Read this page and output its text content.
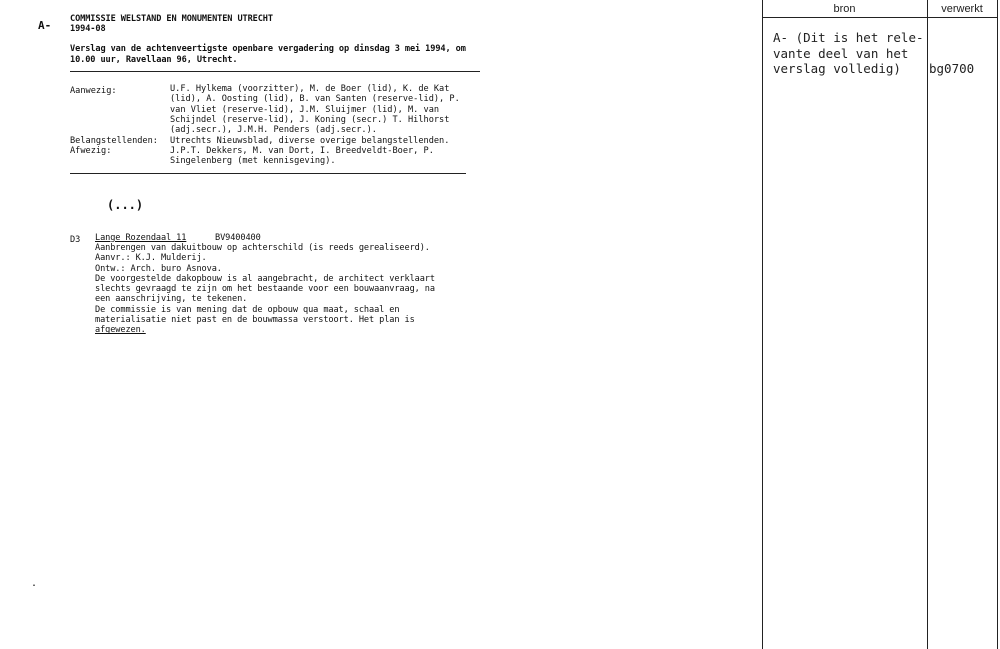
A- COMMISSIE WELSTAND EN MONUMENTEN UTRECHT
1994-08
Verslag van de achtenveertigste openbare vergadering op dinsdag 3 mei 1994, om
10.00 uur, Ravellaan 96, Utrecht.
Aanwezig:	U.F. Hylkema (voorzitter), M. de Boer (lid), K. de Kat
(lid), A. Oosting (lid), B. van Santen (reserve-lid), P.
van Vliet (reserve-lid), J.M. Sluijmer (lid), M. van
Schijndel (reserve-lid), J. Koning (secr.) T. Hilhorst
(adj.secr.), J.M.H. Penders (adj.secr.).
Belangstellenden: Utrechts Nieuwsblad, diverse overige belangstellenden.
Afwezig:	J.P.T. Dekkers, M. van Dort, I. Breedveldt-Boer, P.
Singelenberg (met kennisgeving).
(...)
D3 Lange Rozendaal 11	BV9400400
Aanbrengen van dakuitbouw op achterschild (is reeds gerealiseerd).
Aanvr.: K.J. Mulderij.
Ontw.: Arch. buro Asnova.
De voorgestelde dakopbouw is al aangebracht, de architect verklaart
slechts gevraagd te zijn om het bestaande voor een bouwaanvraag, na
een aanschrijving, te tekenen.
De commissie is van mening dat de opbouw qua maat, schaal en
materialisatie niet past en de bouwmassa verstoort. Het plan is
afgewezen.
.
bron	verwerkt
A- (Dit is het rele-
vante deel van het
verslag volledig)	bg0700
